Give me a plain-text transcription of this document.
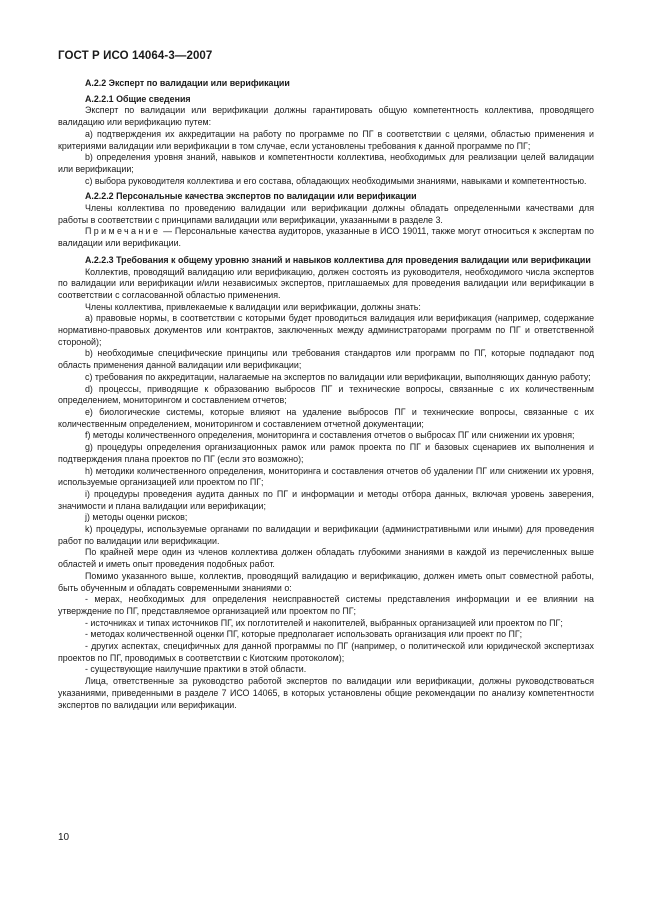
ГОСТ Р ИСО 14064-3—2007

А.2.2 Эксперт по валидации или верификации

А.2.2.1 Общие сведения

Эксперт по валидации или верификации должны гарантировать общую компетентность коллектива, проводящего валидацию или верификацию путем:

a) подтверждения их аккредитации на работу по программе по ПГ в соответствии с целями, областью применения и критериями валидации или верификации в том случае, если установлены требования к данной программе по ПГ;

b) определения уровня знаний, навыков и компетентности коллектива, необходимых для реализации целей валидации или верификации;

c) выбора руководителя коллектива и его состава, обладающих необходимыми знаниями, навыками и компетентностью.

А.2.2.2 Персональные качества экспертов по валидации или верификации

Члены коллектива по проведению валидации или верификации должны обладать определенными качествами для работы в соответствии с принципами валидации или верификации, указанными в разделе 3.

Примечание — Персональные качества аудиторов, указанные в ИСО 19011, также могут относиться к экспертам по валидации или верификации.

А.2.2.3 Требования к общему уровню знаний и навыков коллектива для проведения валидации или верификации

Коллектив, проводящий валидацию или верификацию, должен состоять из руководителя, необходимого числа экспертов по валидации или верификации и/или независимых экспертов, приглашаемых для проведения валидации или верификации в соответствии с согласованной областью применения.

Члены коллектива, привлекаемые к валидации или верификации, должны знать:

a) правовые нормы, в соответствии с которыми будет проводиться валидация или верификация (например, содержание нормативно-правовых документов или контрактов, заключенных между администраторами программ по ПГ и ответственной стороной);

b) необходимые специфические принципы или требования стандартов или программ по ПГ, которые подпадают под область применения данной валидации или верификации;

c) требования по аккредитации, налагаемые на экспертов по валидации или верификации, выполняющих данную работу;

d) процессы, приводящие к образованию выбросов ПГ и технические вопросы, связанные с их количественным определением, мониторингом и составлением отчетов;

e) биологические системы, которые влияют на удаление выбросов ПГ и технические вопросы, связанные с их количественным определением, мониторингом и составлением отчетной документации;

f) методы количественного определения, мониторинга и составления отчетов о выбросах ПГ или снижении их уровня;

g) процедуры определения организационных рамок или рамок проекта по ПГ и базовых сценариев их выполнения и подтверждения плана проектов по ПГ (если это возможно);

h) методики количественного определения, мониторинга и составления отчетов об удалении ПГ или снижении их уровня, используемые организацией или проектом по ПГ;

i) процедуры проведения аудита данных по ПГ и информации и методы отбора данных, включая уровень заверения, значимости и плана валидации или верификации;

j) методы оценки рисков;

k) процедуры, используемые органами по валидации и верификации (административными или иными) для проведения работ по валидации или верификации.

По крайней мере один из членов коллектива должен обладать глубокими знаниями в каждой из перечисленных выше областей и иметь опыт проведения подобных работ.

Помимо указанного выше, коллектив, проводящий валидацию и верификацию, должен иметь опыт совместной работы, быть обученным и обладать современными знаниями о:

- мерах, необходимых для определения неисправностей системы представления информации и ее влиянии на утверждение по ПГ, представляемое организацией или проектом по ПГ;

- источниках и типах источников ПГ, их поглотителей и накопителей, выбранных организацией или проектом по ПГ;

- методах количественной оценки ПГ, которые предполагает использовать организация или проект по ПГ;

- других аспектах, специфичных для данной программы по ПГ (например, о политической или юридической экспертизах проектов по ПГ, проводимых в соответствии с Киотским протоколом);

- существующие наилучшие практики в этой области.

Лица, ответственные за руководство работой экспертов по валидации или верификации, должны руководствоваться указаниями, приведенными в разделе 7 ИСО 14065, в которых установлены общие рекомендации по анализу компетентности экспертов по валидации или верификации.

10
